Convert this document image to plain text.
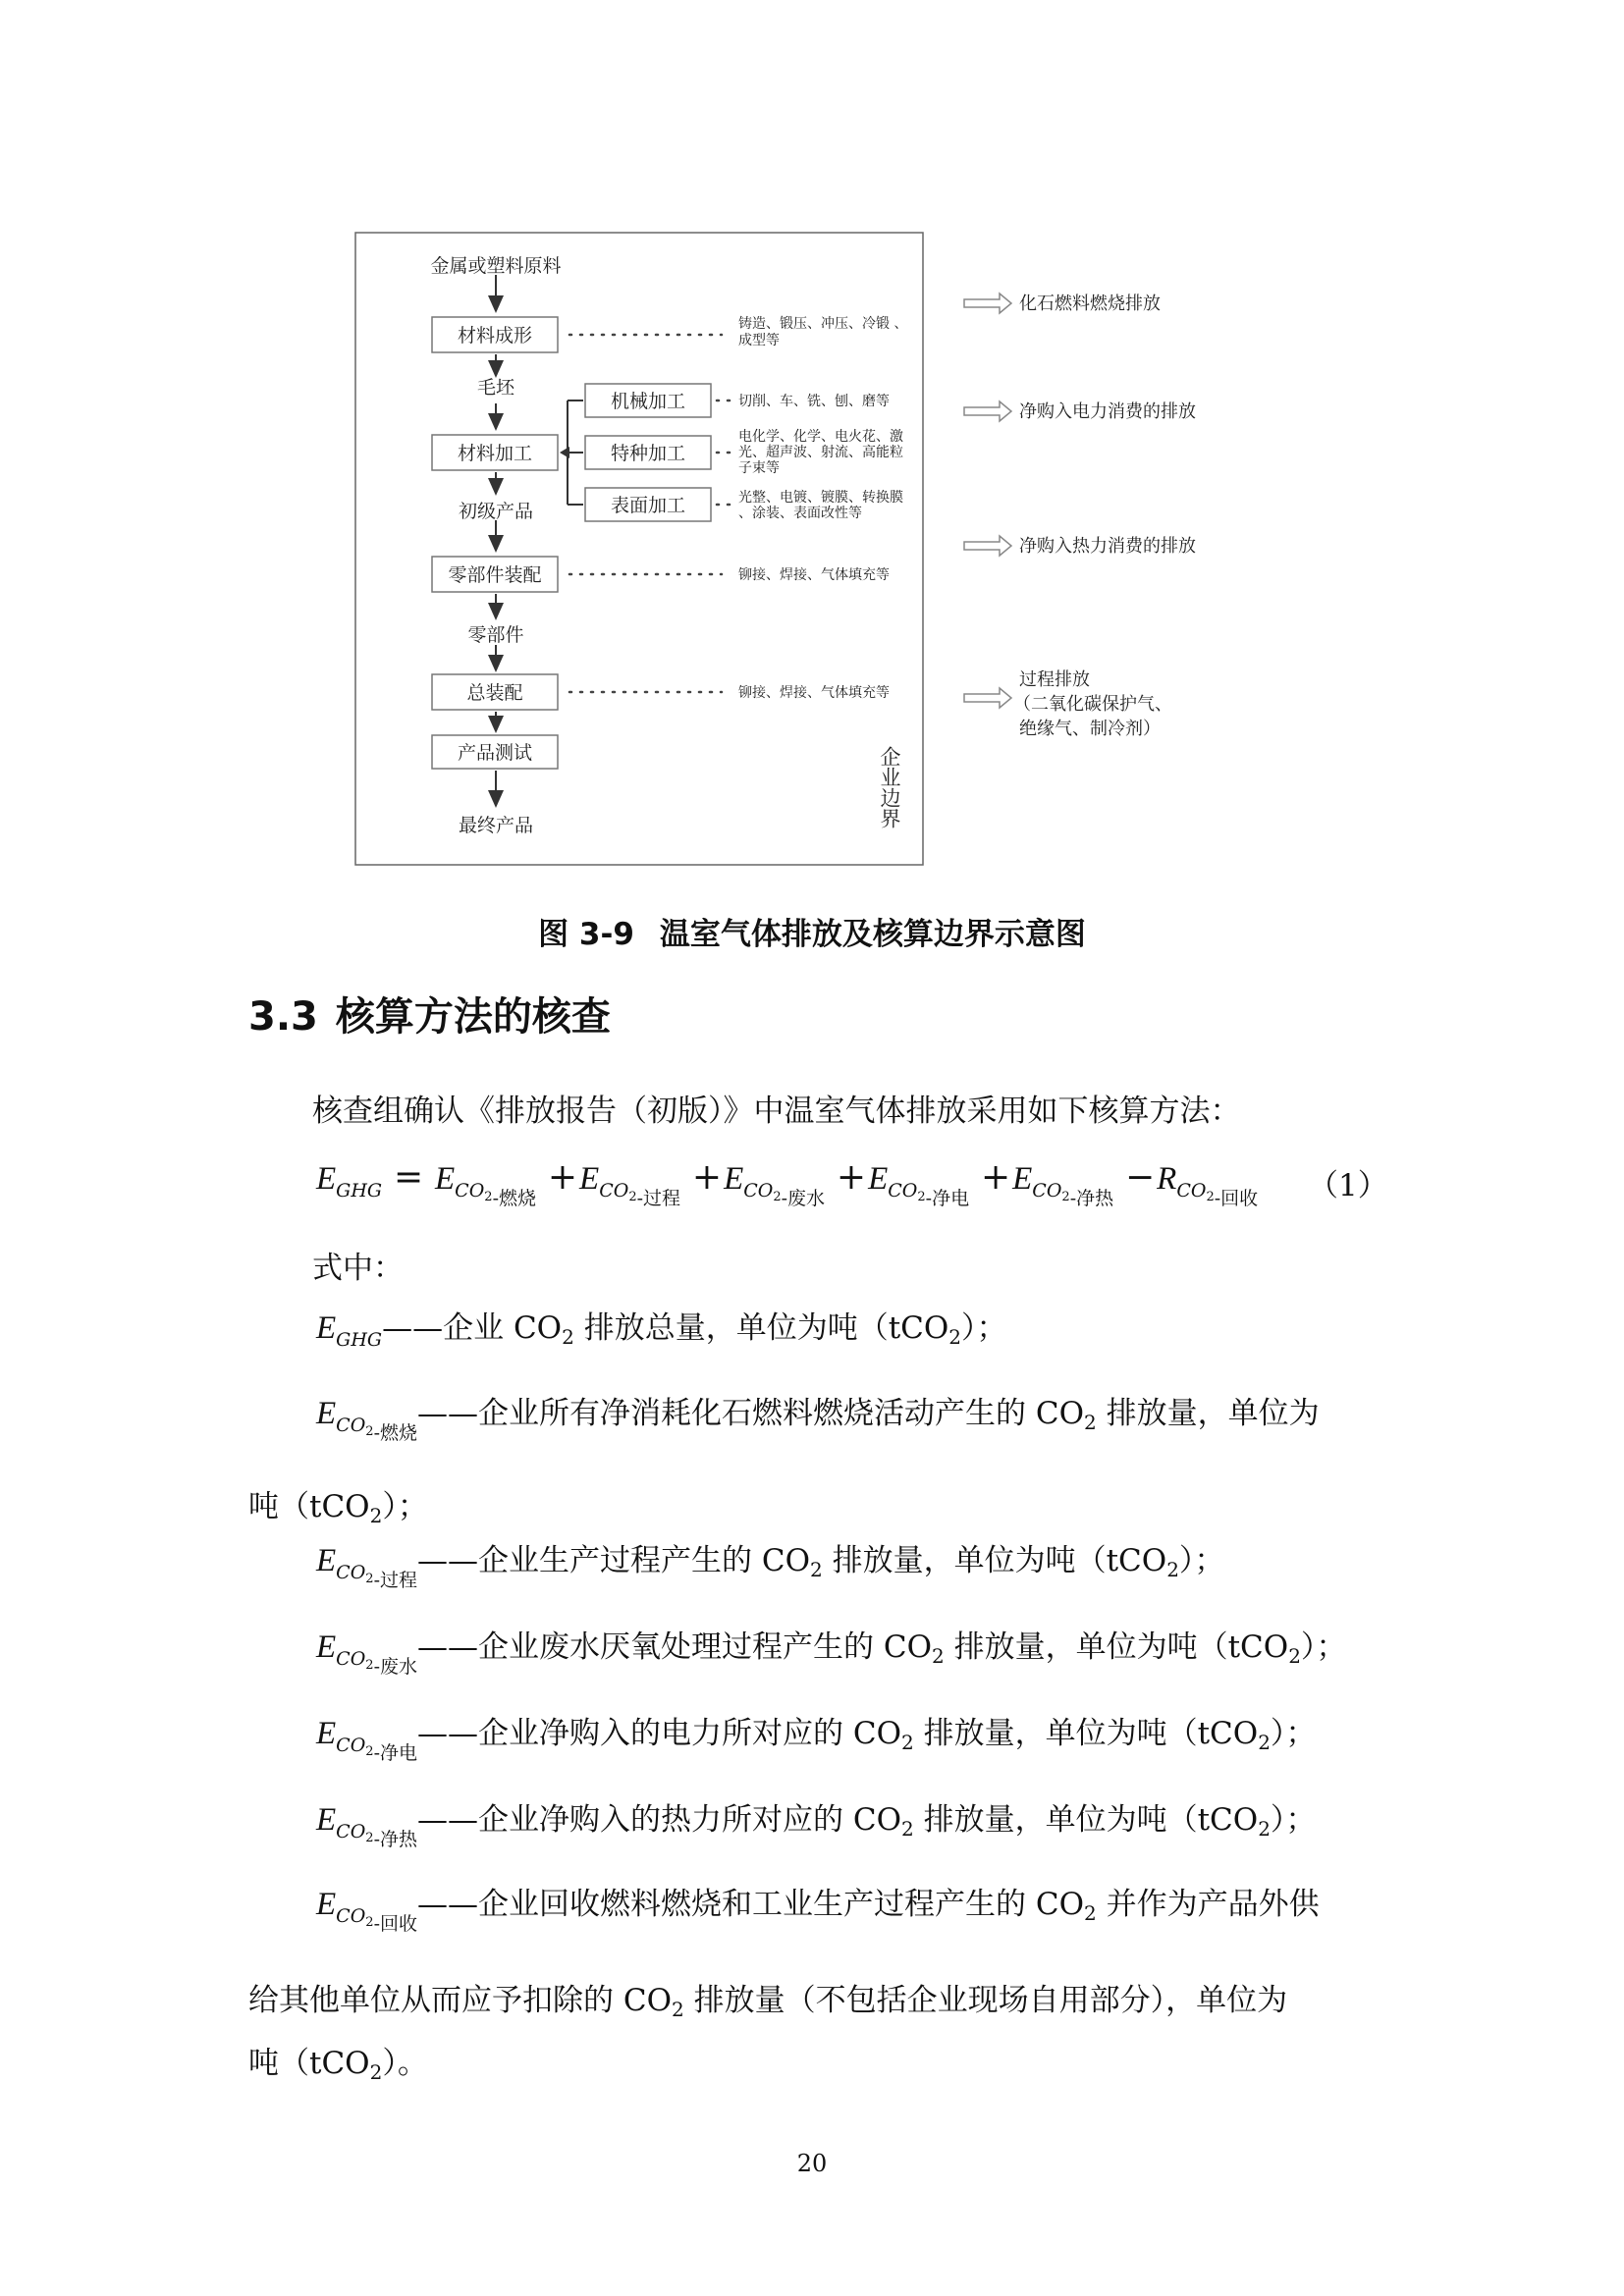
企业边界
金属或塑料原料
材料成形
毛坯
材料加工
初级产品
零部件装配
零部件
总装配
产品测试
最终产品
机械加工
特种加工
表面加工
铸造、锻压、冲压、冷锻 、 成型等
切削、车、铣、刨、磨等
电化学、化学、电火花、激 光、超声波、射流、高能粒 子束等
光整、电镀、镀膜、转换膜 、涂装、表面改性等
铆接、焊接、气体填充等
铆接、焊接、气体填充等
化石燃料燃烧排放
净购入电力消费的排放
净购入热力消费的排放
过程排放 （二氧化碳保护气、 绝缘气、制冷剂）
图 3-9 温室气体排放及核算边界示意图
3.3 核算方法的核查
核查组确认《排放报告（初版）》中温室气体排放采用如下核算方法：
$E_{GHG} = E_{CO_2-燃烧} +E_{CO_2-过程} +E_{CO_2-废水} +E_{CO_2-净电} +E_{CO_2-净热} -R_{CO_2-回收}$ （1）
式中：
$E_{GHG}——$企业 $CO_2$ 排放总量，单位为吨（tCO$_2$）；
$E_{CO_2-燃烧}——$企业所有净消耗化石燃料燃烧活动产生的 $CO_2$ 排放量，单位为
吨（tCO$_2$）；
$E_{CO_2-过程}——$企业生产过程产生的 $CO_2$ 排放量，单位为吨（tCO$_2$）；
$E_{CO_2-废水}——$企业废水厌氧处理过程产生的 $CO_2$ 排放量，单位为吨（tCO$_2$）；
$E_{CO_2-净电}——$企业净购入的电力所对应的 $CO_2$ 排放量，单位为吨（tCO$_2$）；
$E_{CO_2-净热}——$企业净购入的热力所对应的 $CO_2$ 排放量，单位为吨（tCO$_2$）；
$E_{CO_2-回收}——$企业回收燃料燃烧和工业生产过程产生的 $CO_2$ 并作为产品外供
给其他单位从而应予扣除的 $CO_2$ 排放量（不包括企业现场自用部分），单位为
吨（tCO$_2$）。
20
